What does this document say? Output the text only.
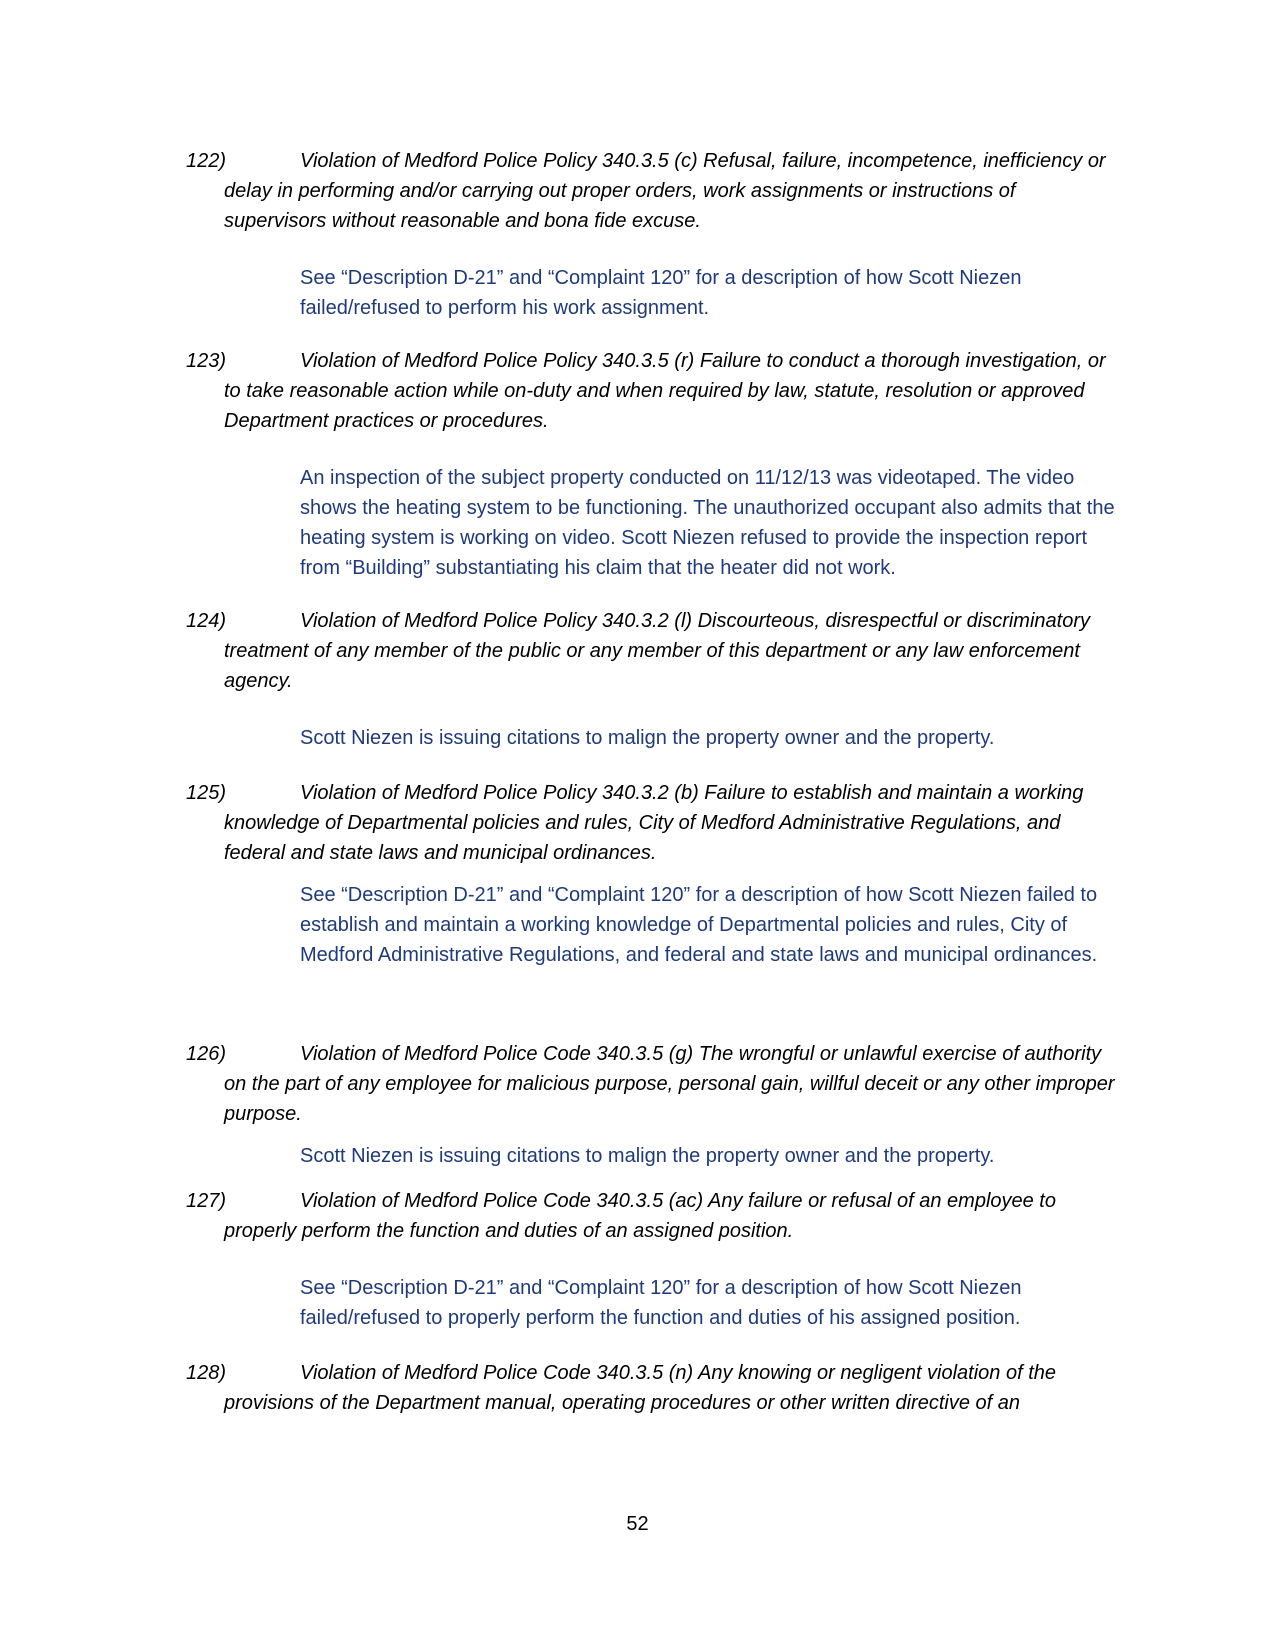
122)	Violation of Medford Police Policy 340.3.5 (c) Refusal, failure, incompetence, inefficiency or delay in performing and/or carrying out proper orders, work assignments or instructions of supervisors without reasonable and bona fide excuse.

See “Description D-21” and “Complaint 120” for a description of how Scott Niezen failed/refused to perform his work assignment.

123)	Violation of Medford Police Policy 340.3.5 (r) Failure to conduct a thorough investigation, or to take reasonable action while on-duty and when required by law, statute, resolution or approved Department practices or procedures.

An inspection of the subject property conducted on 11/12/13 was videotaped. The video shows the heating system to be functioning. The unauthorized occupant also admits that the heating system is working on video. Scott Niezen refused to provide the inspection report from “Building” substantiating his claim that the heater did not work.

124)	Violation of Medford Police Policy 340.3.2 (l) Discourteous, disrespectful or discriminatory treatment of any member of the public or any member of this department or any law enforcement agency.

Scott Niezen is issuing citations to malign the property owner and the property.

125)	Violation of Medford Police Policy 340.3.2 (b) Failure to establish and maintain a working knowledge of Departmental policies and rules, City of Medford Administrative Regulations, and federal and state laws and municipal ordinances.

See “Description D-21” and “Complaint 120” for a description of how Scott Niezen failed to establish and maintain a working knowledge of Departmental policies and rules, City of Medford Administrative Regulations, and federal and state laws and municipal ordinances.

126)	Violation of Medford Police Code 340.3.5 (g) The wrongful or unlawful exercise of authority on the part of any employee for malicious purpose, personal gain, willful deceit or any other improper purpose.

Scott Niezen is issuing citations to malign the property owner and the property.

127)	Violation of Medford Police Code 340.3.5 (ac) Any failure or refusal of an employee to properly perform the function and duties of an assigned position.

See “Description D-21” and “Complaint 120” for a description of how Scott Niezen failed/refused to properly perform the function and duties of his assigned position.

128)	Violation of Medford Police Code 340.3.5 (n) Any knowing or negligent violation of the provisions of the Department manual, operating procedures or other written directive of an

52
